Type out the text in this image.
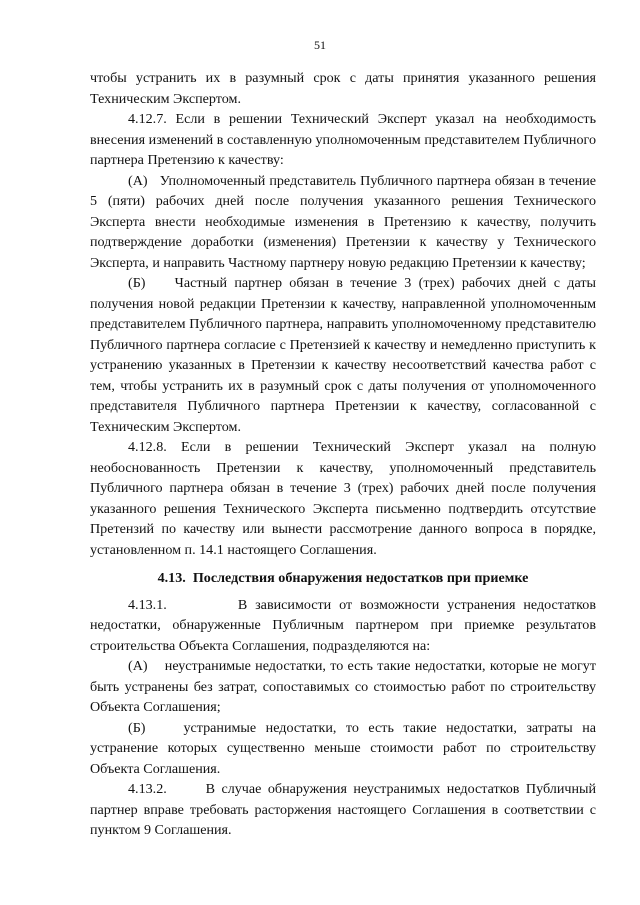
51

чтобы устранить их в разумный срок с даты принятия указанного решения Техническим Экспертом.

4.12.7. Если в решении Технический Эксперт указал на необходимость внесения изменений в составленную уполномоченным представителем Публичного партнера Претензию к качеству:

(А)   Уполномоченный представитель Публичного партнера обязан в течение 5 (пяти) рабочих дней после получения указанного решения Технического Эксперта внести необходимые изменения в Претензию к качеству, получить подтверждение доработки (изменения) Претензии к качеству у Технического Эксперта, и направить Частному партнеру новую редакцию Претензии к качеству;

(Б)    Частный партнер обязан в течение 3 (трех) рабочих дней с даты получения новой редакции Претензии к качеству, направленной уполномоченным представителем Публичного партнера, направить уполномоченному представителю Публичного партнера согласие с Претензией к качеству и немедленно приступить к устранению указанных в Претензии к качеству несоответствий качества работ с тем, чтобы устранить их в разумный срок с даты получения от уполномоченного представителя Публичного партнера Претензии к качеству, согласованной с Техническим Экспертом.

4.12.8. Если в решении Технический Эксперт указал на полную необоснованность Претензии к качеству, уполномоченный представитель Публичного партнера обязан в течение 3 (трех) рабочих дней после получения указанного решения Технического Эксперта письменно подтвердить отсутствие Претензий по качеству или вынести рассмотрение данного вопроса в порядке, установленном п. 14.1 настоящего Соглашения.

4.13.  Последствия обнаружения недостатков при приемке

4.13.1.         В зависимости от возможности устранения недостатков недостатки, обнаруженные Публичным партнером при приемке результатов строительства Объекта Соглашения, подразделяются на:

(А)    неустранимые недостатки, то есть такие недостатки, которые не могут быть устранены без затрат, сопоставимых со стоимостью работ по строительству Объекта Соглашения;

(Б)    устранимые недостатки, то есть такие недостатки, затраты на устранение которых существенно меньше стоимости работ по строительству Объекта Соглашения.

4.13.2.      В случае обнаружения неустранимых недостатков Публичный партнер вправе требовать расторжения настоящего Соглашения в соответствии с пунктом 9 Соглашения.
